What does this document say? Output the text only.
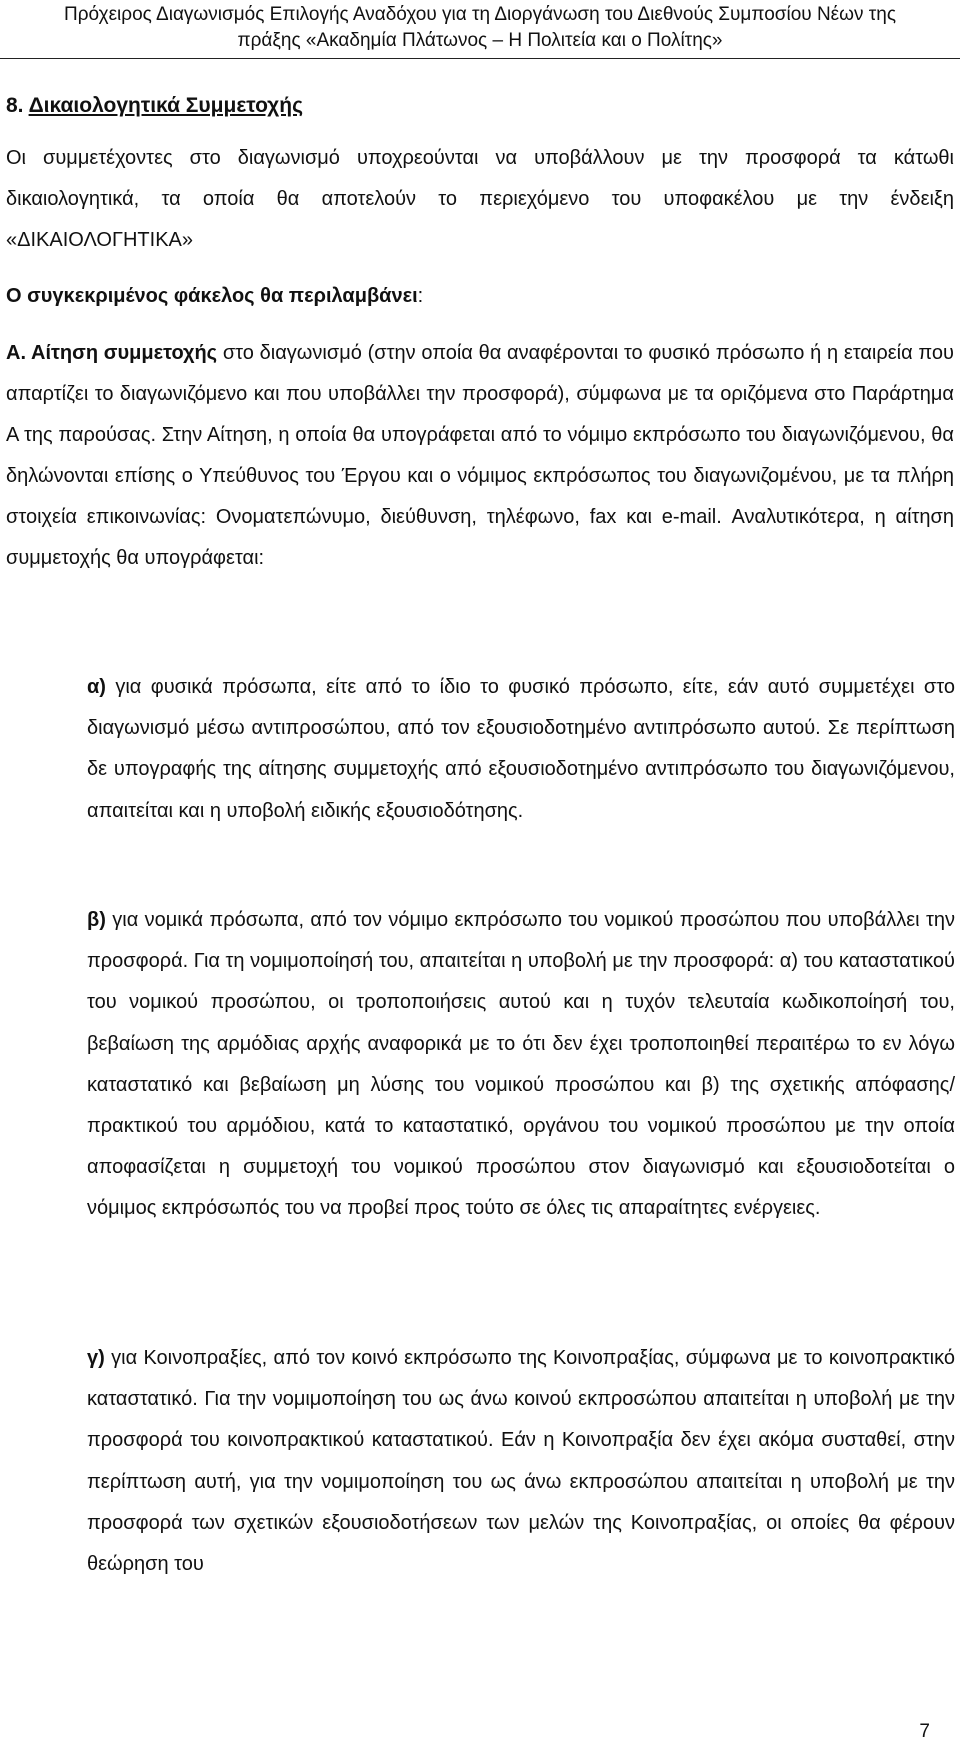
Πρόχειρος Διαγωνισμός Επιλογής Αναδόχου για τη Διοργάνωση του Διεθνούς Συμποσίου Νέων της
πράξης «Ακαδημία Πλάτωνος – Η Πολιτεία και ο Πολίτης»
8. Δικαιολογητικά Συμμετοχής

Οι συμμετέχοντες στο διαγωνισμό υποχρεούνται να υποβάλλουν με την προσφορά τα κάτωθι δικαιολογητικά, τα οποία θα αποτελούν το περιεχόμενο του υποφακέλου με την ένδειξη «ΔΙΚΑΙΟΛΟΓΗΤΙΚΑ»

Ο συγκεκριμένος φάκελος θα περιλαμβάνει:

Α. Αίτηση συμμετοχής στο διαγωνισμό (στην οποία θα αναφέρονται το φυσικό πρόσωπο ή η εταιρεία που απαρτίζει το διαγωνιζόμενο και που υποβάλλει την προσφορά), σύμφωνα με τα οριζόμενα στο Παράρτημα Α της παρούσας. Στην Αίτηση, η οποία θα υπογράφεται από το νόμιμο εκπρόσωπο του διαγωνιζόμενου, θα δηλώνονται επίσης ο Υπεύθυνος του Έργου και ο νόμιμος εκπρόσωπος του διαγωνιζομένου, με τα πλήρη στοιχεία επικοινωνίας: Ονοματεπώνυμο, διεύθυνση, τηλέφωνο, fax και e-mail. Αναλυτικότερα, η αίτηση συμμετοχής θα υπογράφεται:

α) για φυσικά πρόσωπα, είτε από το ίδιο το φυσικό πρόσωπο, είτε, εάν αυτό συμμετέχει στο διαγωνισμό μέσω αντιπροσώπου, από τον εξουσιοδοτημένο αντιπρόσωπο αυτού. Σε περίπτωση δε υπογραφής της αίτησης συμμετοχής από εξουσιοδοτημένο αντιπρόσωπο του διαγωνιζόμενου, απαιτείται και η υποβολή ειδικής εξουσιοδότησης.

β) για νομικά πρόσωπα, από τον νόμιμο εκπρόσωπο του νομικού προσώπου που υποβάλλει την προσφορά. Για τη νομιμοποίησή του, απαιτείται η υποβολή με την προσφορά: α) του καταστατικού του νομικού προσώπου, οι τροποποιήσεις αυτού και η τυχόν τελευταία κωδικοποίησή του, βεβαίωση της αρμόδιας αρχής αναφορικά με το ότι δεν έχει τροποποιηθεί περαιτέρω το εν λόγω καταστατικό και βεβαίωση μη λύσης του νομικού προσώπου και β) της σχετικής απόφασης/ πρακτικού του αρμόδιου, κατά το καταστατικό, οργάνου του νομικού προσώπου με την οποία αποφασίζεται η συμμετοχή του νομικού προσώπου στον διαγωνισμό και εξουσιοδοτείται ο νόμιμος εκπρόσωπός του να προβεί προς τούτο σε όλες τις απαραίτητες ενέργειες.

γ) για Κοινοπραξίες, από τον κοινό εκπρόσωπο της Κοινοπραξίας, σύμφωνα με το κοινοπρακτικό καταστατικό. Για την νομιμοποίηση του ως άνω κοινού εκπροσώπου απαιτείται η υποβολή με την προσφορά του κοινοπρακτικού καταστατικού. Εάν η Κοινοπραξία δεν έχει ακόμα συσταθεί, στην περίπτωση αυτή, για την νομιμοποίηση του ως άνω εκπροσώπου απαιτείται η υποβολή με την προσφορά των σχετικών εξουσιοδοτήσεων των μελών της Κοινοπραξίας, οι οποίες θα φέρουν θεώρηση του

7
